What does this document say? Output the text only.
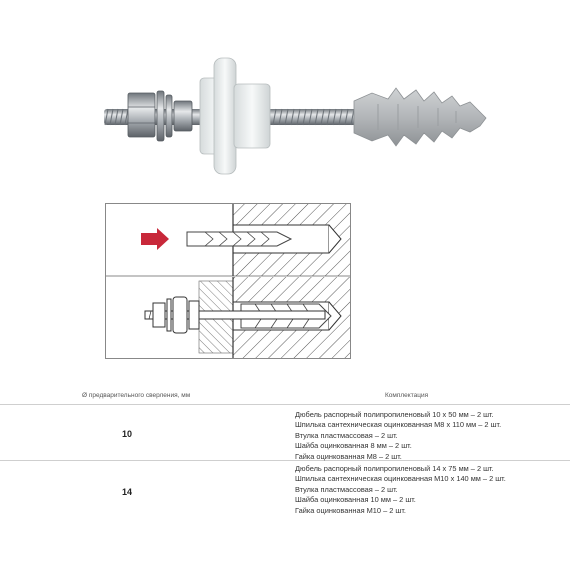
Ø предварительного сверления, мм	Комплектация
10
Дюбель распорный полипропиленовый 10 х 50 мм – 2 шт.
Шпилька сантехническая оцинкованная М8 х 110 мм – 2 шт.
Втулка пластмассовая – 2 шт.
Шайба оцинкованная 8 мм – 2 шт.
Гайка оцинкованная М8 – 2 шт.
14
Дюбель распорный полипропиленовый 14 х 75 мм – 2 шт.
Шпилька сантехническая оцинкованная М10 х 140 мм – 2 шт.
Втулка пластмассовая – 2 шт.
Шайба оцинкованная 10 мм – 2 шт.
Гайка оцинкованная М10 – 2 шт.
